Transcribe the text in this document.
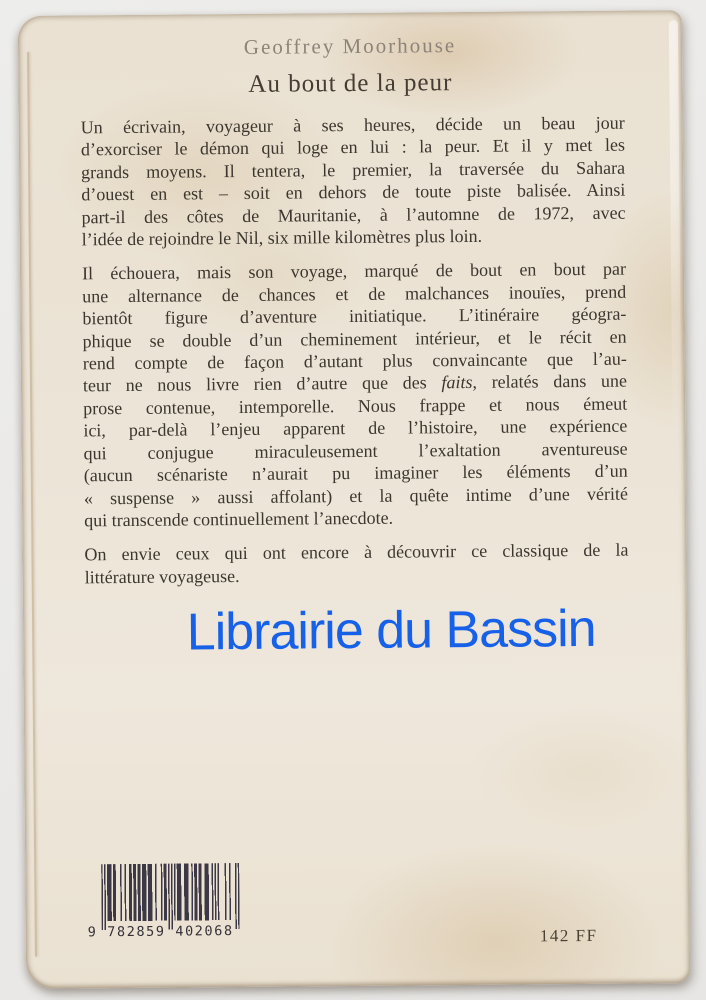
Geoffrey Moorhouse
Au bout de la peur
Un écrivain, voyageur à ses heures, décide un beau jour
d’exorciser le démon qui loge en lui : la peur. Et il y met les
grands moyens. Il tentera, le premier, la traversée du Sahara
d’ouest en est – soit en dehors de toute piste balisée. Ainsi
part-il des côtes de Mauritanie, à l’automne de 1972, avec
l’idée de rejoindre le Nil, six mille kilomètres plus loin.
Il échouera, mais son voyage, marqué de bout en bout par
une alternance de chances et de malchances inouïes, prend
bientôt figure d’aventure initiatique. L’itinéraire géogra-
phique se double d’un cheminement intérieur, et le récit en
rend compte de façon d’autant plus convaincante que l’au-
teur ne nous livre rien d’autre que des faits, relatés dans une
prose contenue, intemporelle. Nous frappe et nous émeut
ici, par-delà l’enjeu apparent de l’histoire, une expérience
qui conjugue miraculeusement l’exaltation aventureuse
(aucun scénariste n’aurait pu imaginer les éléments d’un
« suspense » aussi affolant) et la quête intime d’une vérité
qui transcende continuellement l’anecdote.
On envie ceux qui ont encore à découvrir ce classique de la
littérature voyageuse.
Librairie du Bassin
9 782859 402068	142 FF
